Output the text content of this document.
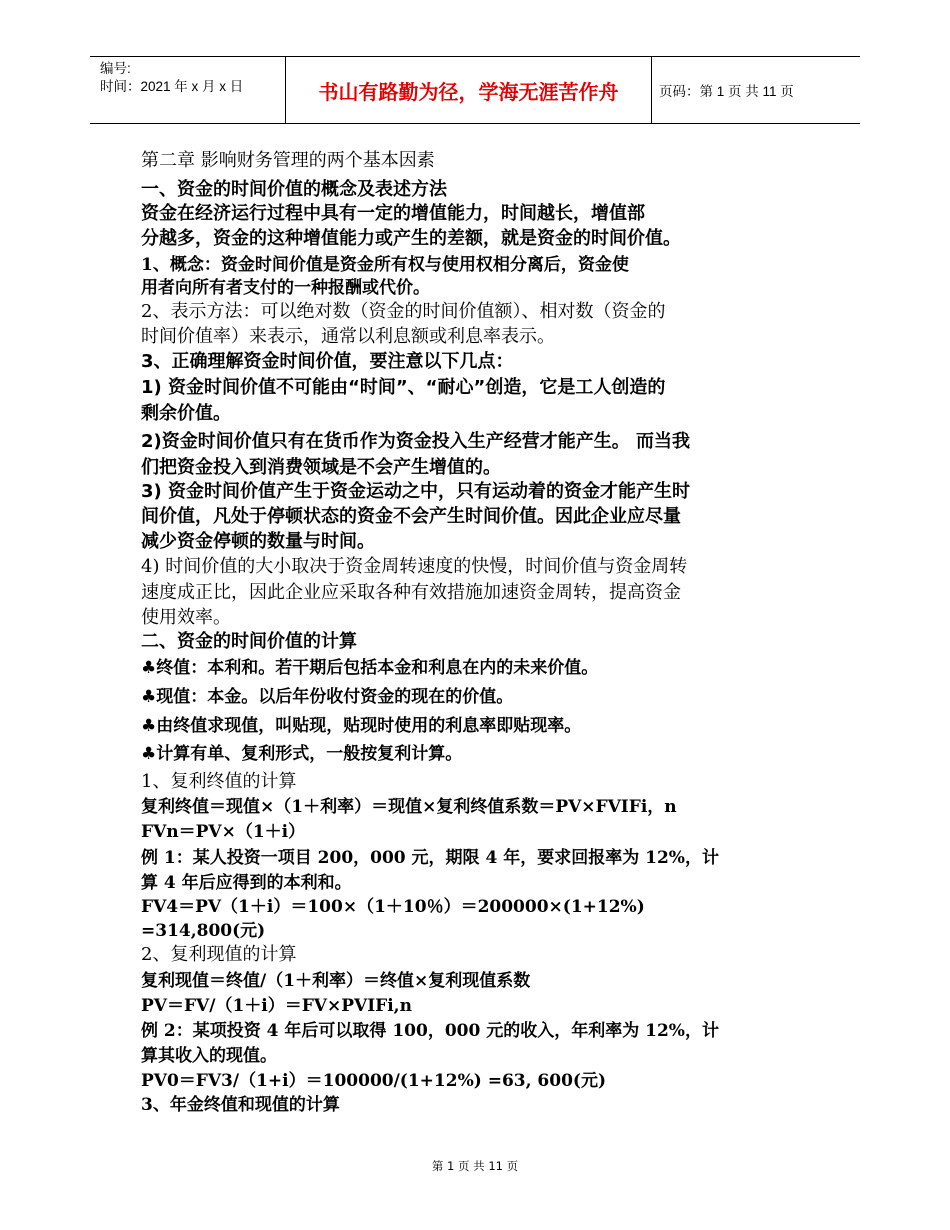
编号:
时间：2021 年 x 月 x 日	书山有路勤为径，学海无涯苦作舟	页码：第 1 页 共 11 页
第二章 影响财务管理的两个基本因素
一、资金的时间价值的概念及表述方法
资金在经济运行过程中具有一定的增值能力，时间越长，增值部
分越多，资金的这种增值能力或产生的差额，就是资金的时间价值。
1、概念：资金时间价值是资金所有权与使用权相分离后，资金使
用者向所有者支付的一种报酬或代价。
2、表示方法：可以绝对数（资金的时间价值额）、相对数（资金的
时间价值率）来表示，通常以利息额或利息率表示。
3、正确理解资金时间价值，要注意以下几点：
1) 资金时间价值不可能由“时间”、“耐心”创造，它是工人创造的
剩余价值。
2)资金时间价值只有在货币作为资金投入生产经营才能产生。 而当我
们把资金投入到消费领域是不会产生增值的。
3) 资金时间价值产生于资金运动之中，只有运动着的资金才能产生时
间价值，凡处于停顿状态的资金不会产生时间价值。因此企业应尽量
减少资金停顿的数量与时间。
4) 时间价值的大小取决于资金周转速度的快慢，时间价值与资金周转
速度成正比，因此企业应采取各种有效措施加速资金周转，提高资金
使用效率。
二、资金的时间价值的计算
♣终值：本利和。若干期后包括本金和利息在内的未来价值。
♣现值：本金。以后年份收付资金的现在的价值。
♣由终值求现值，叫贴现，贴现时使用的利息率即贴现率。
♣计算有单、复利形式，一般按复利计算。
1、复利终值的计算
复利终值＝现值×（1＋利率）＝现值×复利终值系数＝PV×FVIFi，n
FVn＝PV×（1＋i）
例 1：某人投资一项目 200，000 元，期限 4 年，要求回报率为 12%，计
算 4 年后应得到的本利和。
FV4＝PV（1＋i）＝100×（1＋10％）＝200000×(1+12%)
=314,800(元)
2、复利现值的计算
复利现值＝终值/（1＋利率）＝终值×复利现值系数
PV＝FV/（1＋i）＝FV×PVIFi,n
例 2：某项投资 4 年后可以取得 100，000 元的收入，年利率为 12%，计
算其收入的现值。
PV0＝FV3/（1+i）＝100000/(1+12%) =63, 600(元)
3、年金终值和现值的计算
第 1 页 共 11 页
